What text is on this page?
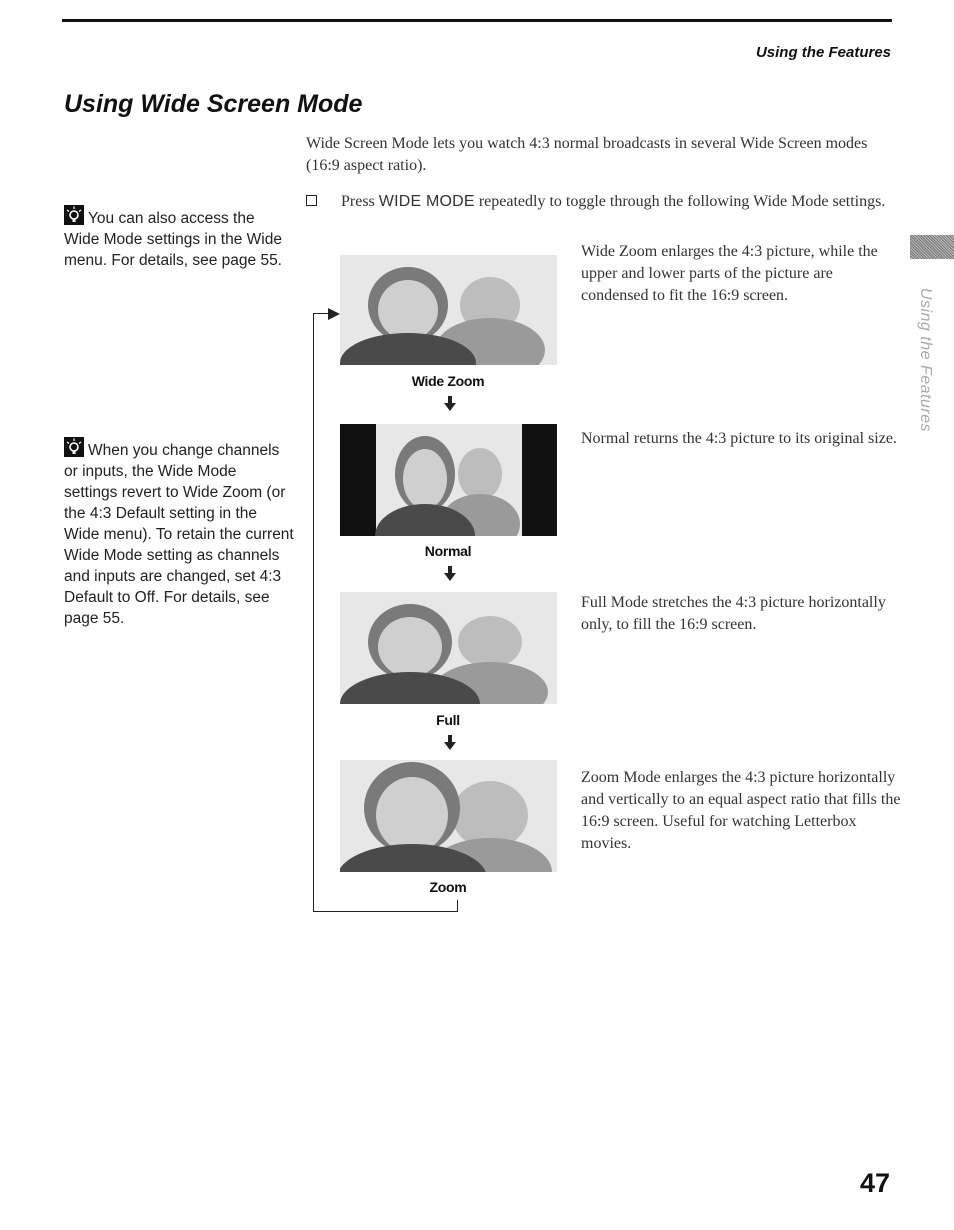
Using the Features
Using Wide Screen Mode
Wide Screen Mode lets you watch 4:3 normal broadcasts in several Wide Screen modes (16:9 aspect ratio).
Press WIDE MODE repeatedly to toggle through the following Wide Mode settings.
You can also access the Wide Mode settings in the Wide menu. For details, see page 55.
When you change channels or inputs, the Wide Mode settings revert to Wide Zoom (or the 4:3 Default setting in the Wide menu). To retain the current Wide Mode setting as channels and inputs are changed, set 4:3 Default to Off. For details, see page 55.
Wide Zoom
Wide Zoom enlarges the 4:3 picture, while the upper and lower parts of the picture are condensed to fit the 16:9 screen.
Normal
Normal returns the 4:3 picture to its original size.
Full
Full Mode stretches the 4:3 picture horizontally only, to fill the 16:9 screen.
Zoom
Zoom Mode enlarges the 4:3 picture horizontally and vertically to an equal aspect ratio that fills the 16:9 screen. Useful for watching Letterbox movies.
Using the Features
47
